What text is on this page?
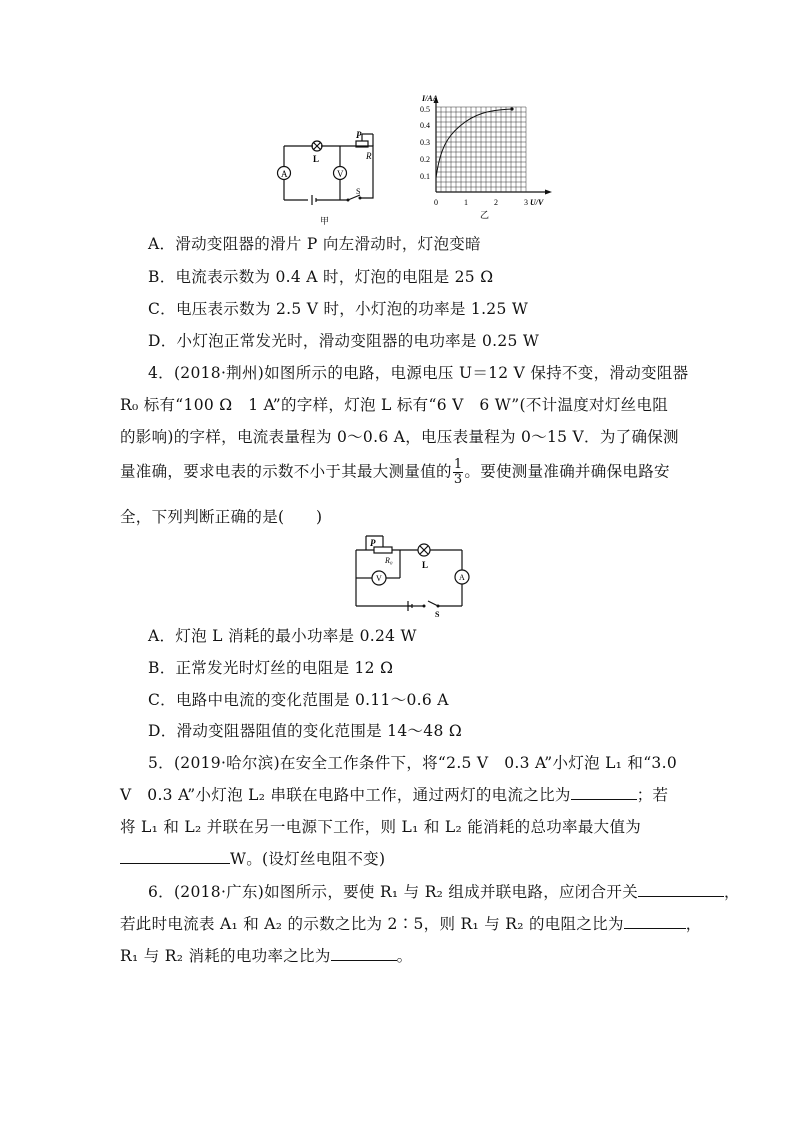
A	V
L
P
R
S
甲
I/AA
U/V
0.5
0.4
0.3
0.2
0.1
0	1	2	3
乙
A．滑动变阻器的滑片 P 向左滑动时，灯泡变暗
B．电流表示数为 0.4 A 时，灯泡的电阻是 25 Ω
C．电压表示数为 2.5 V 时，小灯泡的功率是 1.25 W
D．小灯泡正常发光时，滑动变阻器的电功率是 0.25 W
4．(2018·荆州)如图所示的电路，电源电压 U＝12 V 保持不变，滑动变阻器
R₀ 标有“100 Ω　1 A”的字样，灯泡 L 标有“6 V　6 W”(不计温度对灯丝电阻
的影响)的字样，电流表量程为 0～0.6 A，电压表量程为 0～15 V．为了确保测
量准确，要求电表的示数不小于其最大测量值的 $\frac{1}{3}$ 。要使测量准确并确保电路安
全，下列判断正确的是(　　)
P
R₀	L
V	A
S
A．灯泡 L 消耗的最小功率是 0.24 W
B．正常发光时灯丝的电阻是 12 Ω
C．电路中电流的变化范围是 0.11～0.6 A
D．滑动变阻器阻值的变化范围是 14～48 Ω
5．(2019·哈尔滨)在安全工作条件下，将“2.5 V　0.3 A”小灯泡 L₁ 和“3.0
V　0.3 A”小灯泡 L₂ 串联在电路中工作，通过两灯的电流之比为	；若
将 L₁ 和 L₂ 并联在另一电源下工作，则 L₁ 和 L₂ 能消耗的总功率最大值为
W。(设灯丝电阻不变)
6．(2018·广东)如图所示，要使 R₁ 与 R₂ 组成并联电路，应闭合开关	，
若此时电流表 A₁ 和 A₂ 的示数之比为 2∶5，则 R₁ 与 R₂ 的电阻之比为	，
R₁ 与 R₂ 消耗的电功率之比为	。
